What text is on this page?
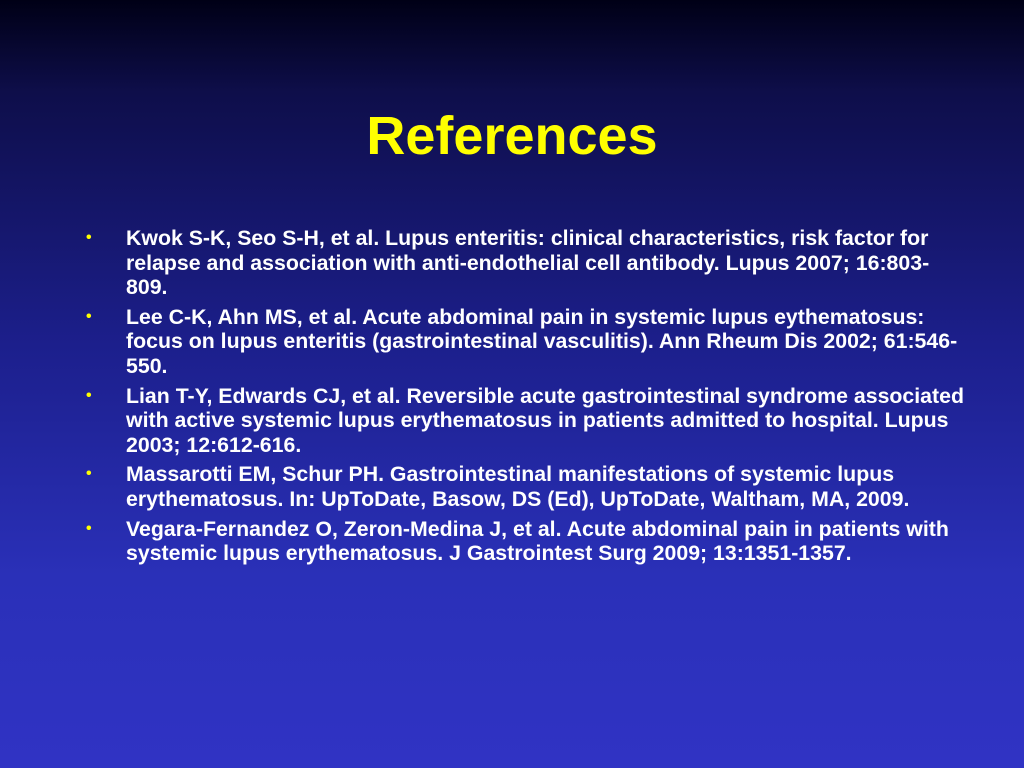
References
• Kwok S-K, Seo S-H, et al. Lupus enteritis: clinical characteristics, risk factor for relapse and association with anti-endothelial cell antibody. Lupus 2007; 16:803-809.
• Lee C-K, Ahn MS, et al. Acute abdominal pain in systemic lupus eythematosus: focus on lupus enteritis (gastrointestinal vasculitis). Ann Rheum Dis 2002; 61:546-550.
• Lian T-Y, Edwards CJ, et al. Reversible acute gastrointestinal syndrome associated with active systemic lupus erythematosus in patients admitted to hospital. Lupus 2003; 12:612-616.
• Massarotti EM, Schur PH. Gastrointestinal manifestations of systemic lupus erythematosus. In: UpToDate, Basow, DS (Ed), UpToDate, Waltham, MA, 2009.
• Vegara-Fernandez O, Zeron-Medina J, et al. Acute abdominal pain in patients with systemic lupus erythematosus. J Gastrointest Surg 2009; 13:1351-1357.
